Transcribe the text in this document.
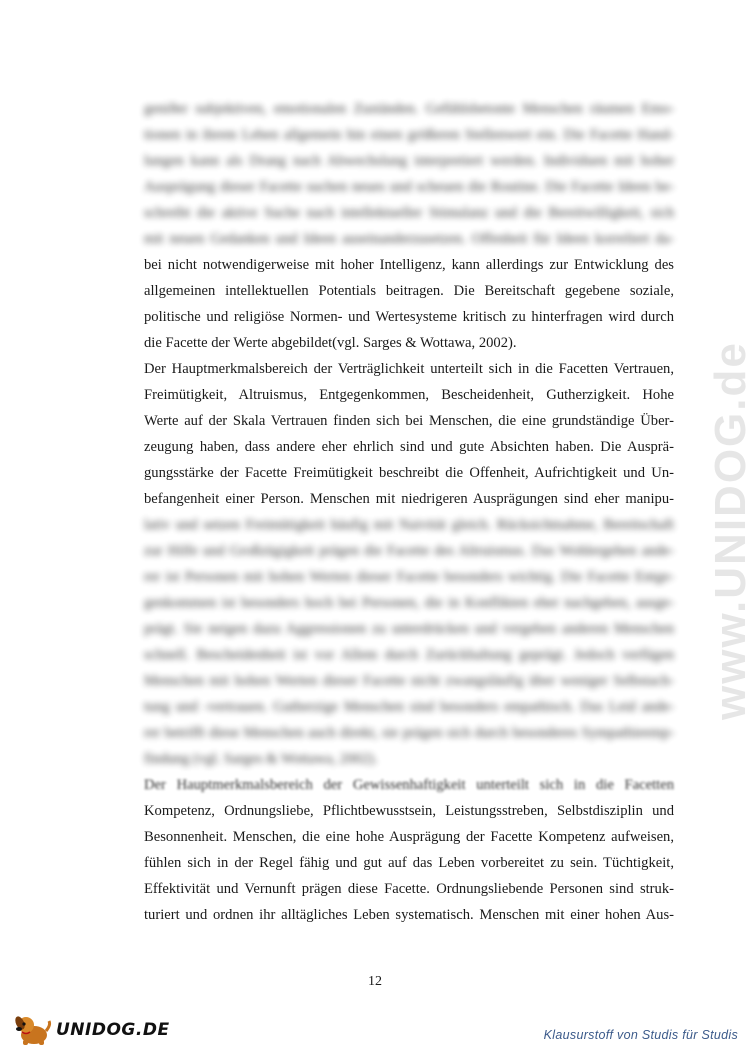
www.UNIDOG.de
geniðer subjektiven, emotionalen Zuständen. Gefühlsbetonte Menschen räumen Emo-
tionen in ihrem Leben allgemein hin einen größeren Stellenwert ein. Die Facette Hand-
lungen kann als Drang nach Abwechslung interpretiert werden. Individuen mit hoher
Ausprägung dieser Facette suchen neues und scheuen die Routine. Die Facette Ideen be-
schreibt die aktive Suche nach intellektueller Stimulanz und die Bereitwilligkeit, sich
mit neuen Gedanken und Ideen auseinanderzusetzen. Offenheit für Ideen korreliert da-
bei nicht notwendigerweise mit hoher Intelligenz, kann allerdings zur Entwicklung des
allgemeinen intellektuellen Potentials beitragen. Die Bereitschaft gegebene soziale,
politische und religiöse Normen- und Wertesysteme kritisch zu hinterfragen wird durch
die Facette der Werte abgebildet(vgl. Sarges & Wottawa, 2002).
Der Hauptmerkmalsbereich der Verträglichkeit unterteilt sich in die Facetten Vertrauen,
Freimütigkeit, Altruismus, Entgegenkommen, Bescheidenheit, Gutherzigkeit. Hohe
Werte auf der Skala Vertrauen finden sich bei Menschen, die eine grundständige Über-
zeugung haben, dass andere eher ehrlich sind und gute Absichten haben. Die Ausprä-
gungsstärke der Facette Freimütigkeit beschreibt die Offenheit, Aufrichtigkeit und Un-
befangenheit einer Person. Menschen mit niedrigeren Ausprägungen sind eher manipu-
lativ und setzen Freimütigkeit häufig mit Naivität gleich. Rücksichtnahme, Bereitschaft
zur Hilfe und Großzügigkeit prägen die Facette des Altruismus. Das Wohlergehen ande-
rer ist Personen mit hohen Werten dieser Facette besonders wichtig. Die Facette Entge-
genkommen ist besonders hoch bei Personen, die in Konflikten eher nachgeben, ausge-
prägt. Sie neigen dazu Aggressionen zu unterdrücken und vergeben anderen Menschen
schnell. Bescheidenheit ist vor Allem durch Zurückhaltung geprägt. Jedoch verfügen
Menschen mit hohen Werten dieser Facette nicht zwangsläufig über weniger Selbstach-
tung und -vertrauen. Gutherzige Menschen sind besonders empathisch. Das Leid ande-
rer betrifft diese Menschen auch direkt, sie prägen sich durch besonderes Sympathieemp-
findung (vgl. Sarges & Wottawa, 2002).
Der Hauptmerkmalsbereich der Gewissenhaftigkeit unterteilt sich in die Facetten
Kompetenz, Ordnungsliebe, Pflichtbewusstsein, Leistungsstreben, Selbstdisziplin und
Besonnenheit. Menschen, die eine hohe Ausprägung der Facette Kompetenz aufweisen,
fühlen sich in der Regel fähig und gut auf das Leben vorbereitet zu sein. Tüchtigkeit,
Effektivität und Vernunft prägen diese Facette. Ordnungsliebende Personen sind struk-
turiert und ordnen ihr alltägliches Leben systematisch. Menschen mit einer hohen Aus-
12
UNIDOG.DE	Klausurstoff von Studis für Studis
